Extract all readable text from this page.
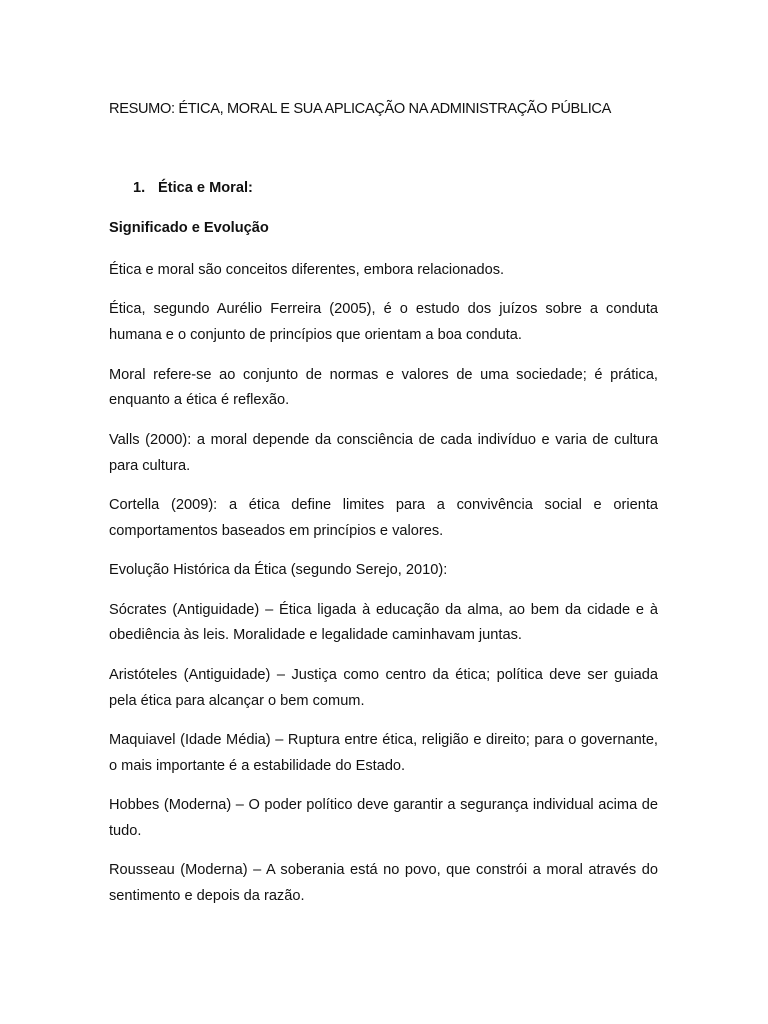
RESUMO: ÉTICA, MORAL E SUA APLICAÇÃO NA ADMINISTRAÇÃO PÚBLICA
1. Ética e Moral:
Significado e Evolução

Ética e moral são conceitos diferentes, embora relacionados.

Ética, segundo Aurélio Ferreira (2005), é o estudo dos juízos sobre a conduta humana e o conjunto de princípios que orientam a boa conduta.

Moral refere-se ao conjunto de normas e valores de uma sociedade; é prática, enquanto a ética é reflexão.

Valls (2000): a moral depende da consciência de cada indivíduo e varia de cultura para cultura.

Cortella (2009): a ética define limites para a convivência social e orienta comportamentos baseados em princípios e valores.

Evolução Histórica da Ética (segundo Serejo, 2010):

Sócrates (Antiguidade) – Ética ligada à educação da alma, ao bem da cidade e à obediência às leis. Moralidade e legalidade caminhavam juntas.

Aristóteles (Antiguidade) – Justiça como centro da ética; política deve ser guiada pela ética para alcançar o bem comum.

Maquiavel (Idade Média) – Ruptura entre ética, religião e direito; para o governante, o mais importante é a estabilidade do Estado.

Hobbes (Moderna) – O poder político deve garantir a segurança individual acima de tudo.

Rousseau (Moderna) – A soberania está no povo, que constrói a moral através do sentimento e depois da razão.
